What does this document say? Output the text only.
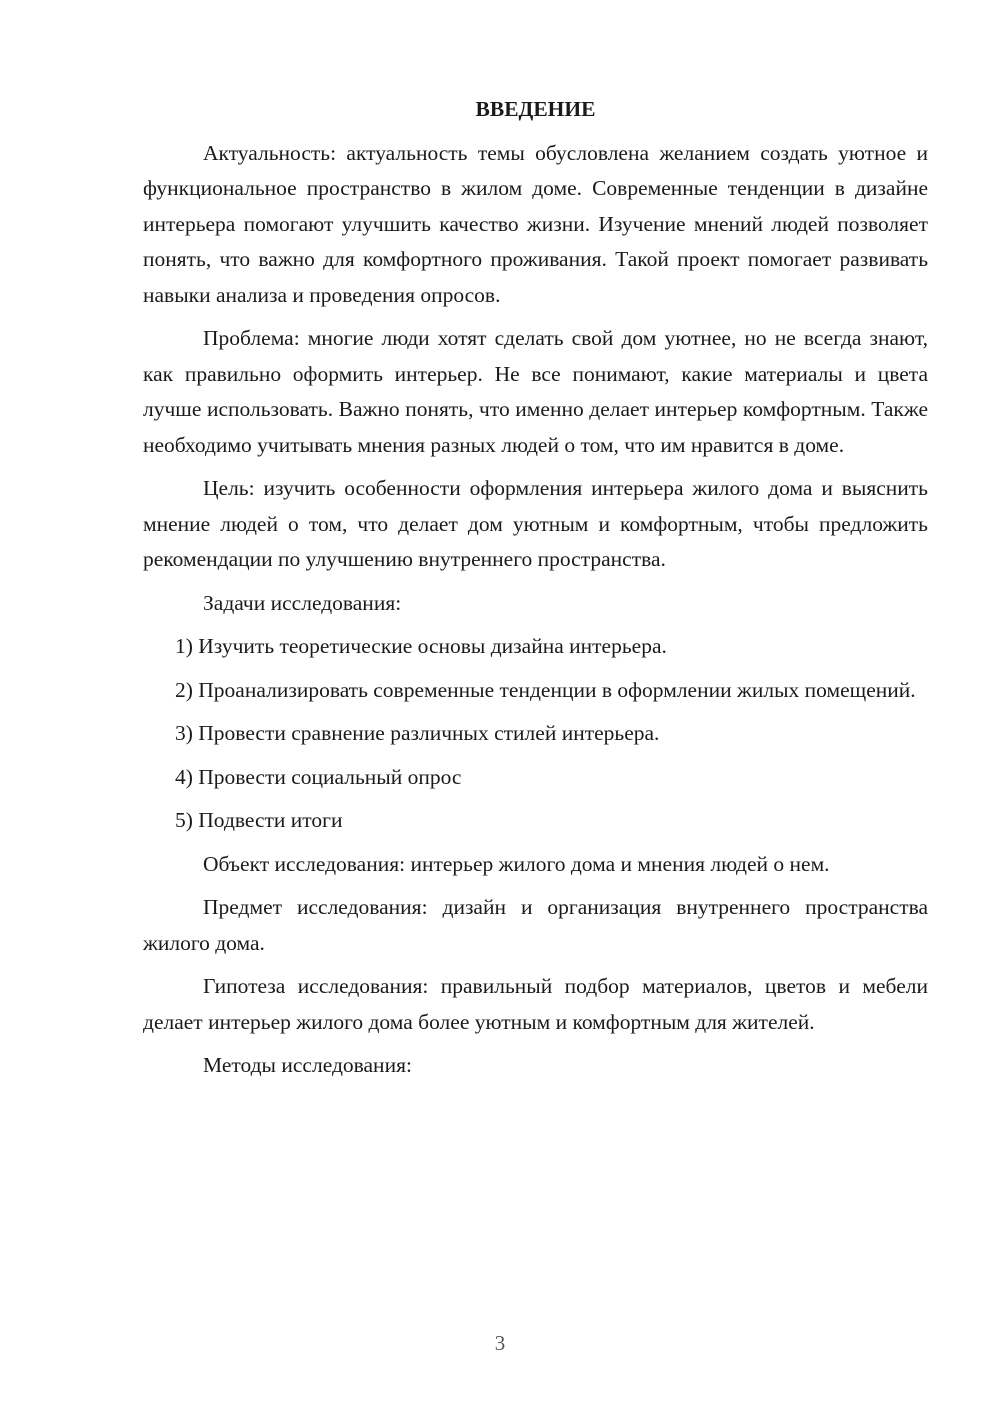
ВВЕДЕНИЕ

Актуальность: актуальность темы обусловлена желанием создать уютное и функциональное пространство в жилом доме. Современные тенденции в дизайне интерьера помогают улучшить качество жизни. Изучение мнений людей позволяет понять, что важно для комфортного проживания. Такой проект помогает развивать навыки анализа и проведения опросов.

Проблема: многие люди хотят сделать свой дом уютнее, но не всегда знают, как правильно оформить интерьер. Не все понимают, какие материалы и цвета лучше использовать. Важно понять, что именно делает интерьер комфортным. Также необходимо учитывать мнения разных людей о том, что им нравится в доме.

Цель: изучить особенности оформления интерьера жилого дома и выяснить мнение людей о том, что делает дом уютным и комфортным, чтобы предложить рекомендации по улучшению внутреннего пространства.

Задачи исследования:

1) Изучить теоретические основы дизайна интерьера.

2) Проанализировать современные тенденции в оформлении жилых помещений.

3) Провести сравнение различных стилей интерьера.

4) Провести социальный опрос

5) Подвести итоги

Объект исследования: интерьер жилого дома и мнения людей о нем.

Предмет исследования: дизайн и организация внутреннего пространства жилого дома.

Гипотеза исследования: правильный подбор материалов, цветов и мебели делает интерьер жилого дома более уютным и комфортным для жителей.

Методы исследования:

3
